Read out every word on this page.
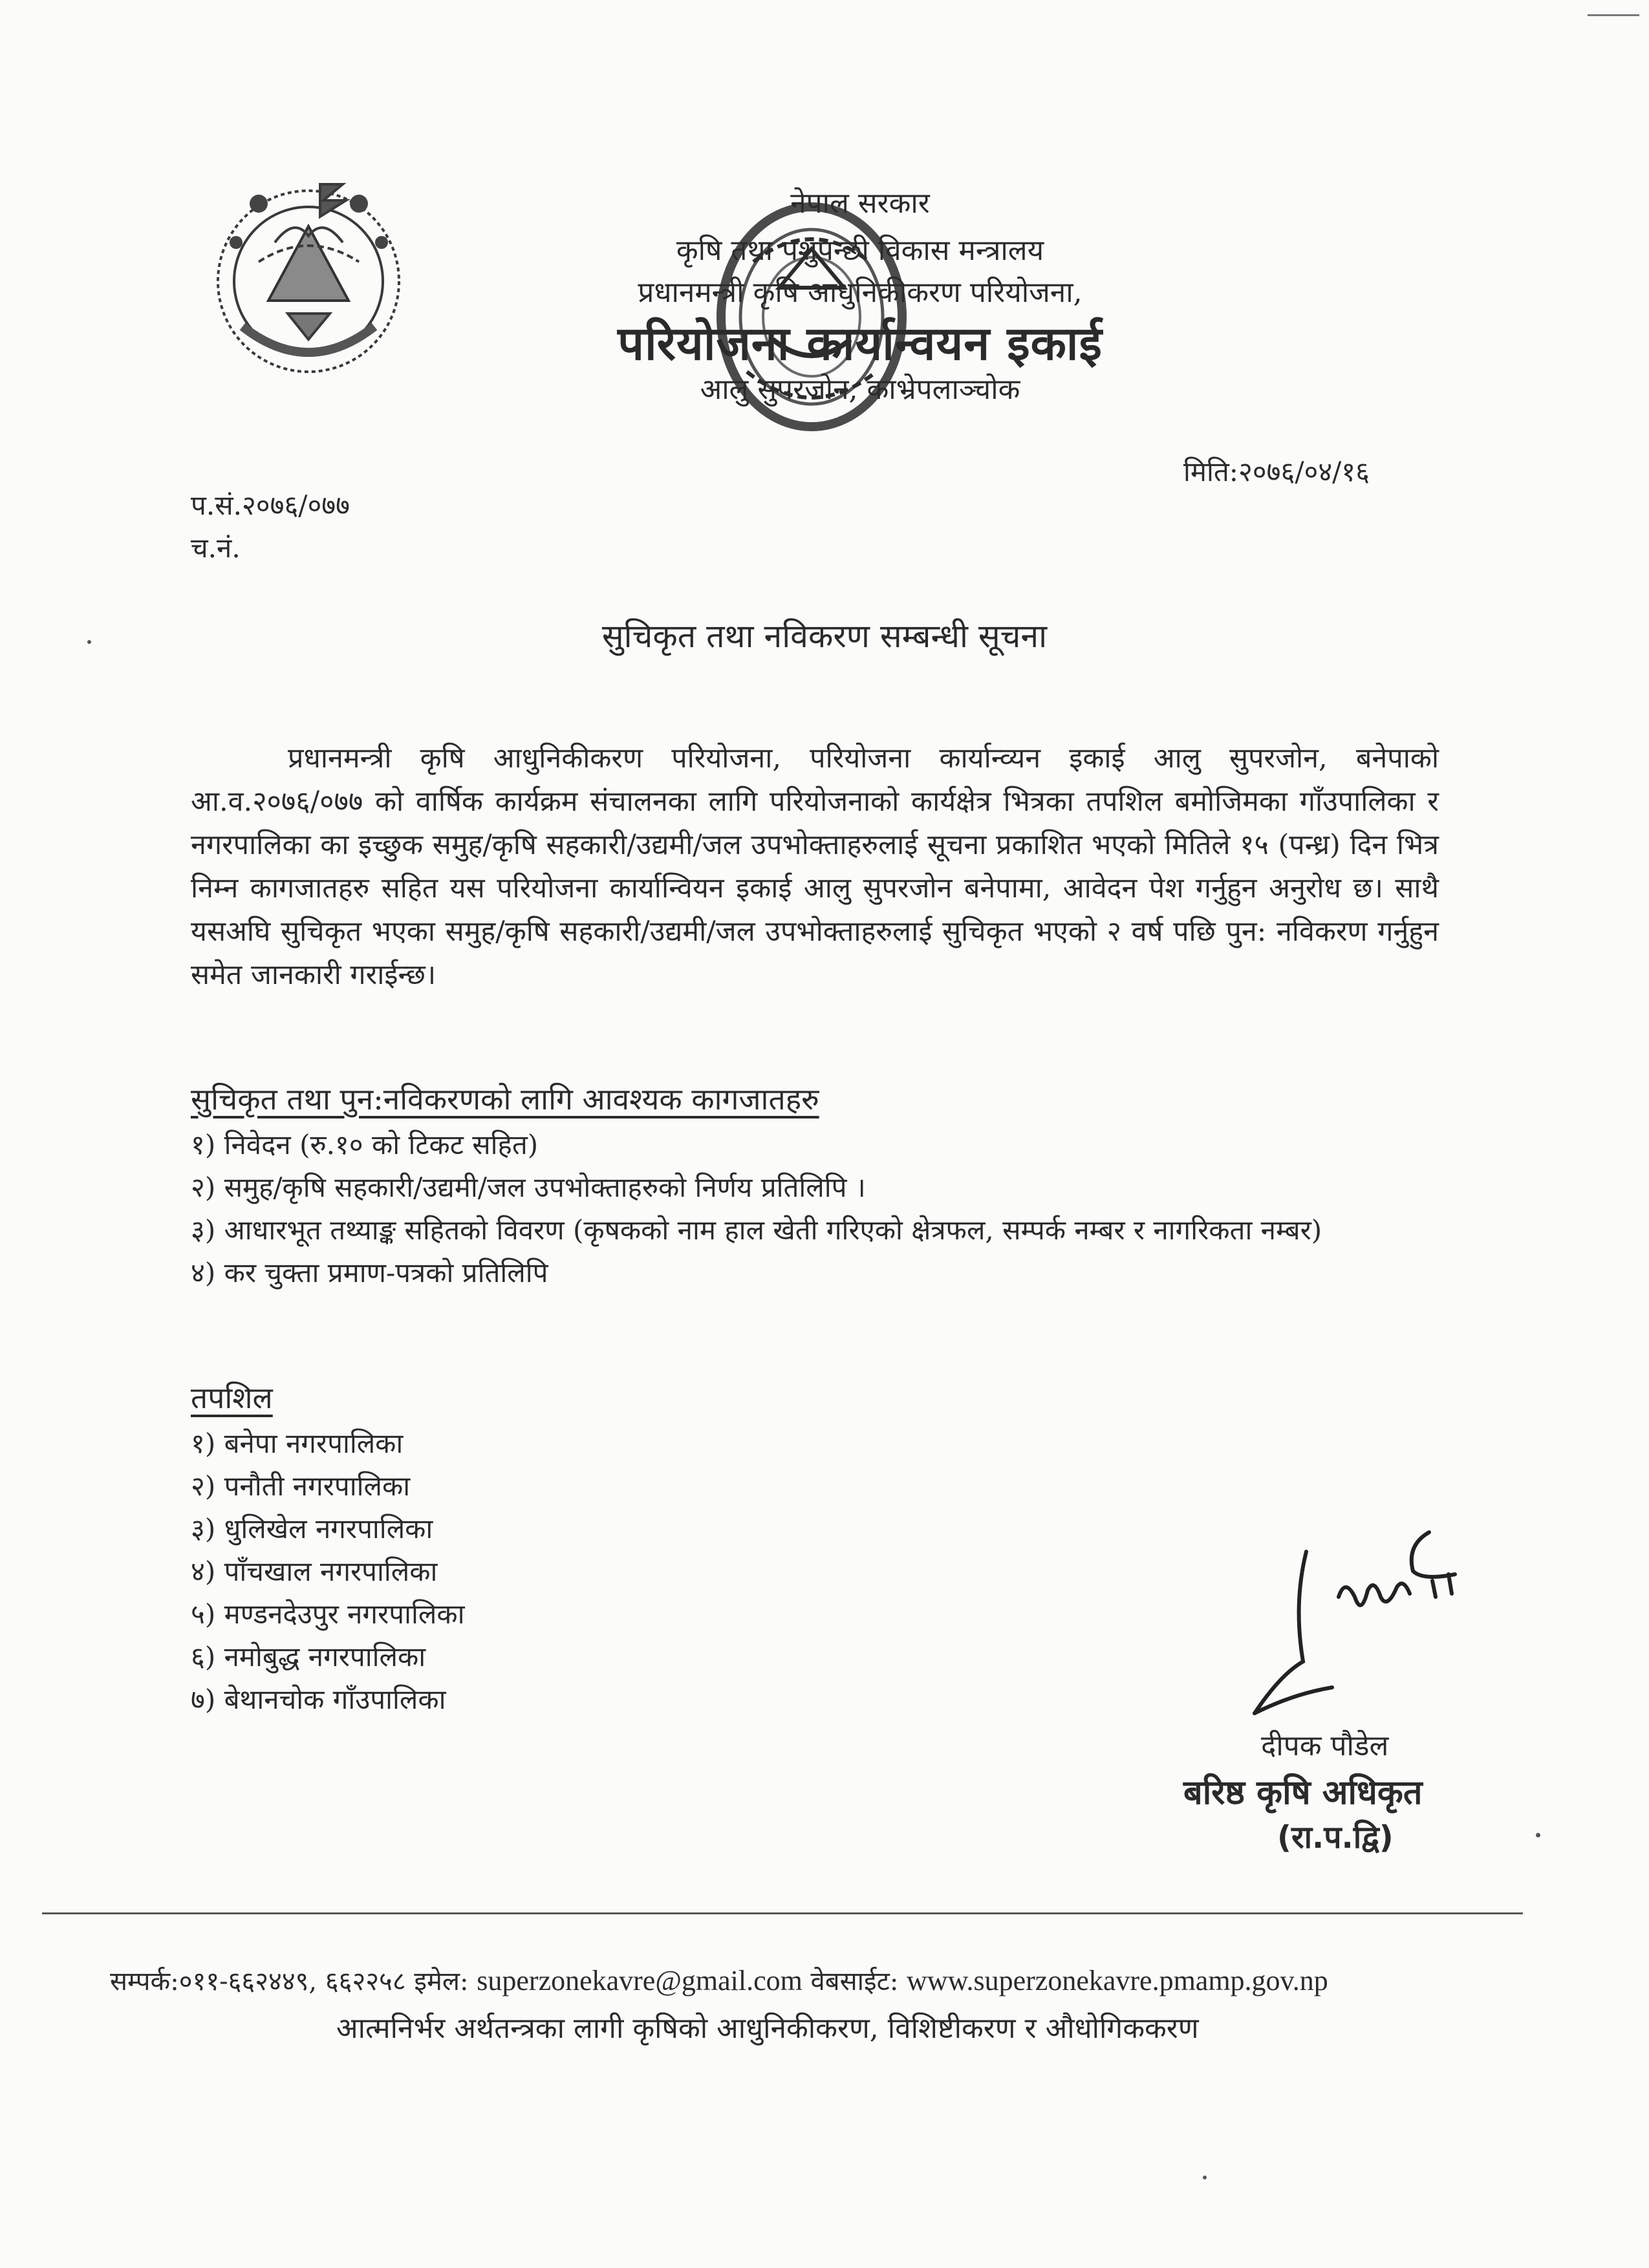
नेपाल सरकार
कृषि तथा पशुपन्छी विकास मन्त्रालय
प्रधानमन्त्री कृषि आधुनिकीकरण परियोजना,
परियोजना कार्यान्वयन इकाई
आलु सुपरजोन, काभ्रेपलाञ्चोक
मिति:२०७६/०४/१६
प.सं.२०७६/०७७
च.नं.
सुचिकृत तथा नविकरण सम्बन्धी सूचना

प्रधानमन्त्री कृषि आधुनिकीकरण परियोजना, परियोजना कार्यान्व्यन इकाई आलु सुपरजोन, बनेपाको आ.व.२०७६/०७७ को वार्षिक कार्यक्रम संचालनका लागि परियोजनाको कार्यक्षेत्र भित्रका तपशिल बमोजिमका गाँउपालिका र नगरपालिका का इच्छुक समुह/कृषि सहकारी/उद्यमी/जल उपभोक्ताहरुलाई सूचना प्रकाशित भएको मितिले १५ (पन्ध्र) दिन भित्र निम्न कागजातहरु सहित यस परियोजना कार्यान्वियन इकाई आलु सुपरजोन बनेपामा, आवेदन पेश गर्नुहुन अनुरोध छ। साथै यसअघि सुचिकृत भएका समुह/कृषि सहकारी/उद्यमी/जल उपभोक्ताहरुलाई सुचिकृत भएको २ वर्ष पछि पुन: नविकरण गर्नुहुन समेत जानकारी गराईन्छ।

सुचिकृत तथा पुन:नविकरणको लागि आवश्यक कागजातहरु
१) निवेदन (रु.१० को टिकट सहित)
२) समुह/कृषि सहकारी/उद्यमी/जल उपभोक्ताहरुको निर्णय प्रतिलिपि ।
३) आधारभूत तथ्याङ्क सहितको विवरण (कृषकको नाम हाल खेती गरिएको क्षेत्रफल, सम्पर्क नम्बर र नागरिकता नम्बर)
४) कर चुक्ता प्रमाण-पत्रको प्रतिलिपि
तपशिल
१) बनेपा नगरपालिका
२) पनौती नगरपालिका
३) धुलिखेल नगरपालिका
४) पाँचखाल नगरपालिका
५) मण्डनदेउपुर नगरपालिका
६) नमोबुद्ध नगरपालिका
७) बेथानचोक गाँउपालिका
दीपक पौडेल
बरिष्ठ कृषि अधिकृत
(रा.प.द्वि)
सम्पर्क:०११-६६२४४९, ६६२२५८ इमेल: superzonekavre@gmail.com वेबसाईट: www.superzonekavre.pmamp.gov.np
आत्मनिर्भर अर्थतन्त्रका लागी कृषिको आधुनिकीकरण, विशिष्टीकरण र औधोगिककरण
